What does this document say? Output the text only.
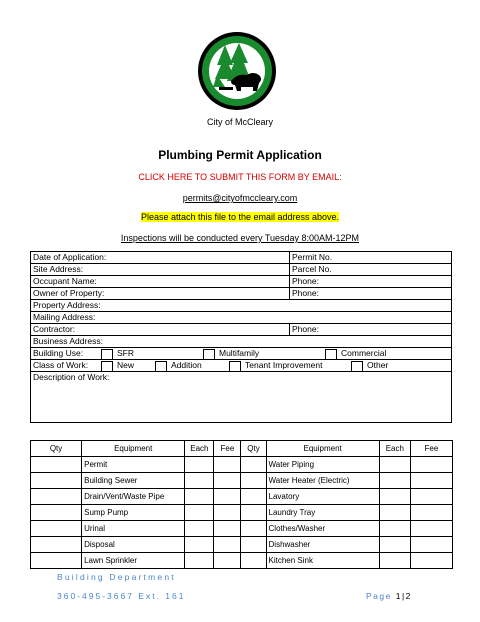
City of McCleary
Plumbing Permit Application
CLICK HERE TO SUBMIT THIS FORM BY EMAIL:
permits@cityofmccleary.com
Please attach this file to the email address above.
Inspections will be conducted every Tuesday 8:00AM-12PM
Date of Application:	Permit No.
Site Address:	Parcel No.
Occupant Name:	Phone:
Owner of Property:	Phone:
Property Address:
Mailing Address:
Contractor:	Phone:
Business Address:
Building Use:	SFR	Multifamily	Commercial
Class of Work:	New	Addition	Tenant Improvement	Other
Description of Work:
Qty	Equipment	Each	Fee	Qty	Equipment	Each	Fee
	Permit				Water Piping		
	Building Sewer				Water Heater (Electric)		
	Drain/Vent/Waste Pipe				Lavatory		
	Sump Pump				Laundry Tray		
	Urinal				Clothes/Washer		
	Disposal				Dishwasher		
	Lawn Sprinkler				Kitchen Sink		
Building Department
360-495-3667 Ext. 161	Page 1|2
